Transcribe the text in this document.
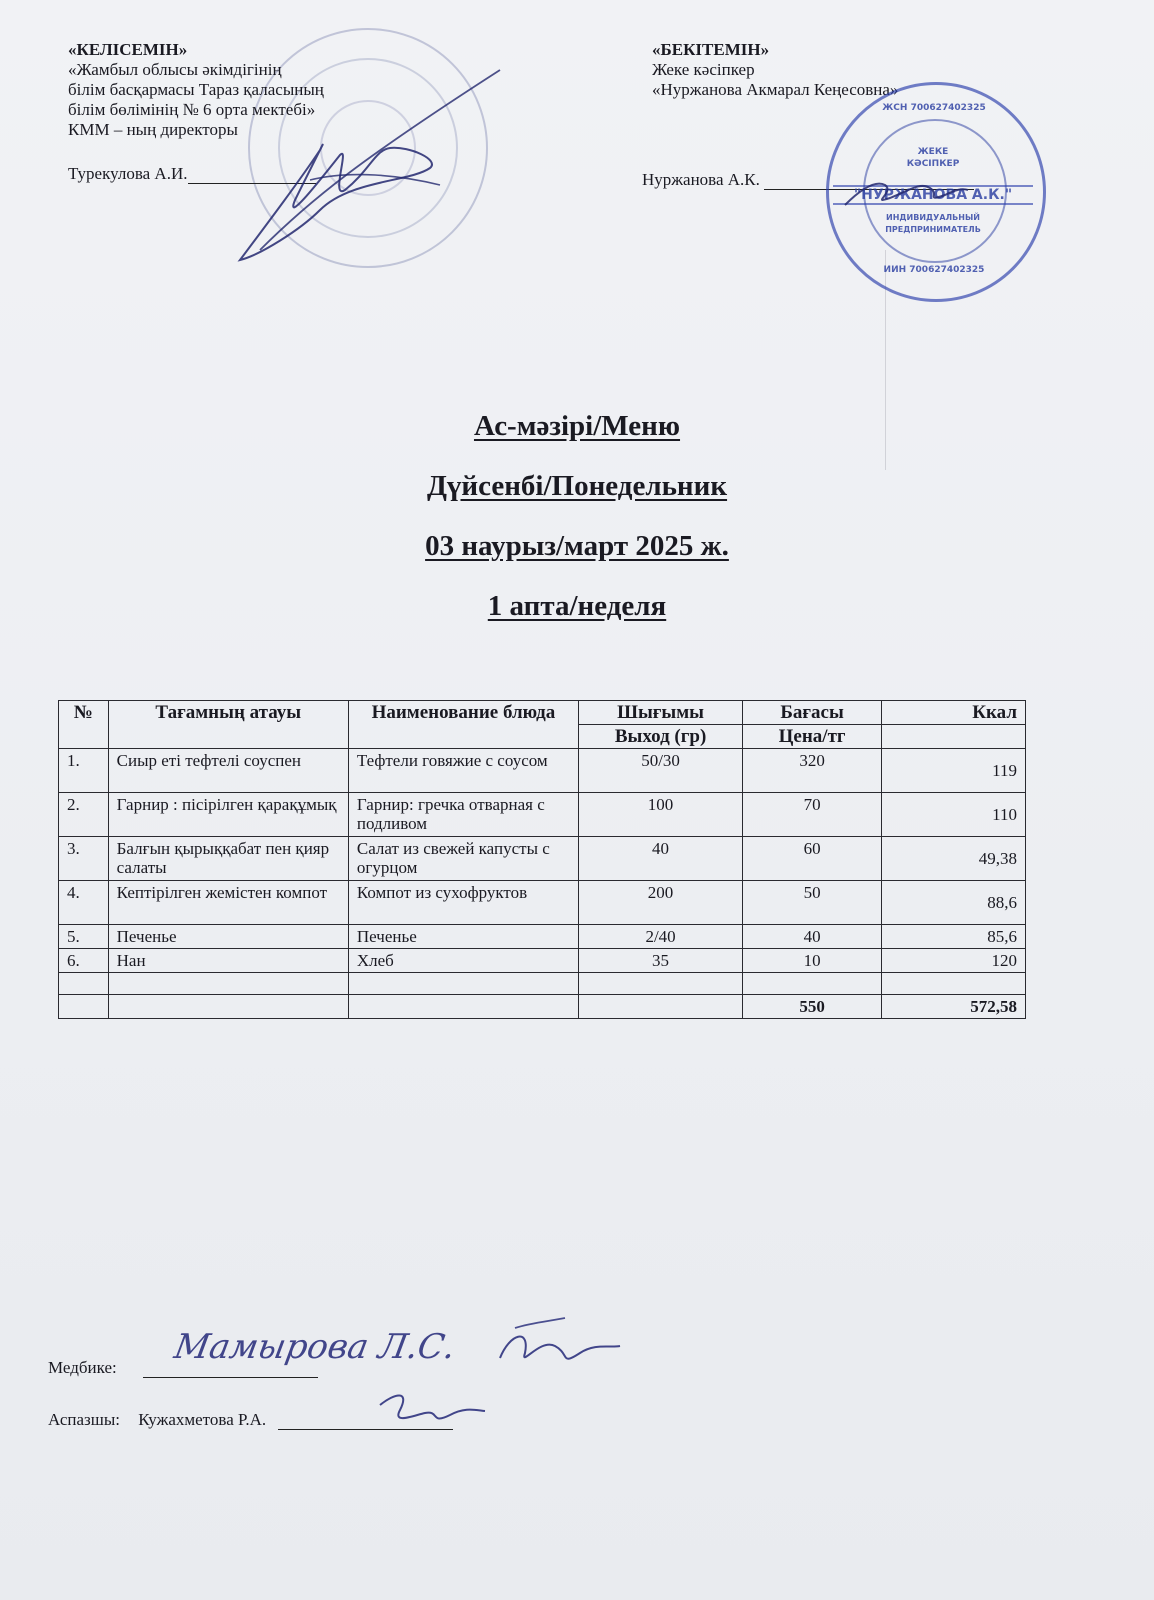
«КЕЛІСЕМІН»
«Жамбыл облысы әкімдігінің
білім басқармасы Тараз қаласының
білім бөлімінің № 6 орта мектебі»
КММ – ның директоры
Турекулова А.И.
«БЕКІТЕМІН»
Жеке кәсіпкер
«Нуржанова Акмарал Кеңесовна»
Нуржанова А.К.
ЖСН 700627402325
ЖЕКЕ
КӘСІПКЕР
"НУРЖАНОВА А.К."
ИНДИВИДУАЛЬНЫЙ
ПРЕДПРИНИМАТЕЛЬ
ИИН 700627402325
Ас-мәзірі/Меню
Дүйсенбі/Понедельник
03 наурыз/март 2025 ж.
1 апта/неделя
№	Тағамның атауы	Наименование блюда	Шығымы	Бағасы	Ккал
			Выход (гр)	Цена/тг	
1.	Сиыр еті тефтелі соуспен	Тефтели говяжие с соусом	50/30	320	119
2.	Гарнир : пісірілген қарақұмық	Гарнир: гречка отварная с подливом	100	70	110
3.	Балғын қырыққабат пен қияр салаты	Салат из свежей капусты с огурцом	40	60	49,38
4.	Кептірілген жемістен компот	Компот из сухофруктов	200	50	88,6
5.	Печенье	Печенье	2/40	40	85,6
6.	Нан	Хлеб	35	10	120

				550	572,58
Медбике:
Мамырова Л.С.
Аспазшы: Кужахметова Р.А.
